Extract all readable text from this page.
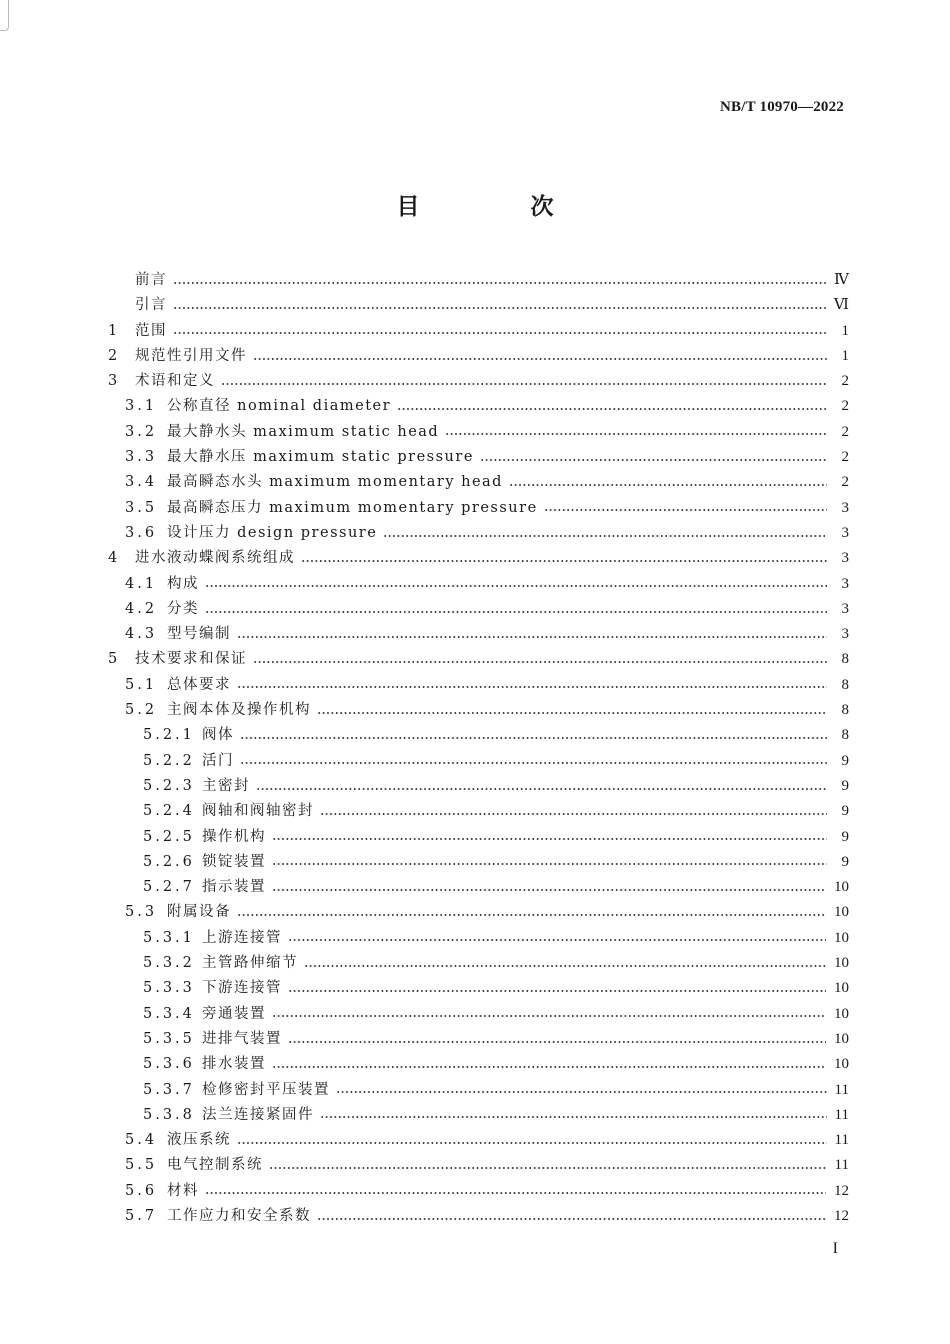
NB/T 10970—2022
目　次
前言	Ⅳ
引言	Ⅵ
1	范围	1
2	规范性引用文件	1
3	术语和定义	2
3.1 公称直径 nominal diameter	2
3.2 最大静水头 maximum static head	2
3.3 最大静水压 maximum static pressure	2
3.4 最高瞬态水头 maximum momentary head	2
3.5 最高瞬态压力 maximum momentary pressure	3
3.6 设计压力 design pressure	3
4	进水液动蝶阀系统组成	3
4.1 构成	3
4.2 分类	3
4.3 型号编制	3
5	技术要求和保证	8
5.1 总体要求	8
5.2 主阀本体及操作机构	8
5.2.1 阀体	8
5.2.2 活门	9
5.2.3 主密封	9
5.2.4 阀轴和阀轴密封	9
5.2.5 操作机构	9
5.2.6 锁锭装置	9
5.2.7 指示装置	10
5.3 附属设备	10
5.3.1 上游连接管	10
5.3.2 主管路伸缩节	10
5.3.3 下游连接管	10
5.3.4 旁通装置	10
5.3.5 进排气装置	10
5.3.6 排水装置	10
5.3.7 检修密封平压装置	11
5.3.8 法兰连接紧固件	11
5.4 液压系统	11
5.5 电气控制系统	11
5.6 材料	12
5.7 工作应力和安全系数	12
I
